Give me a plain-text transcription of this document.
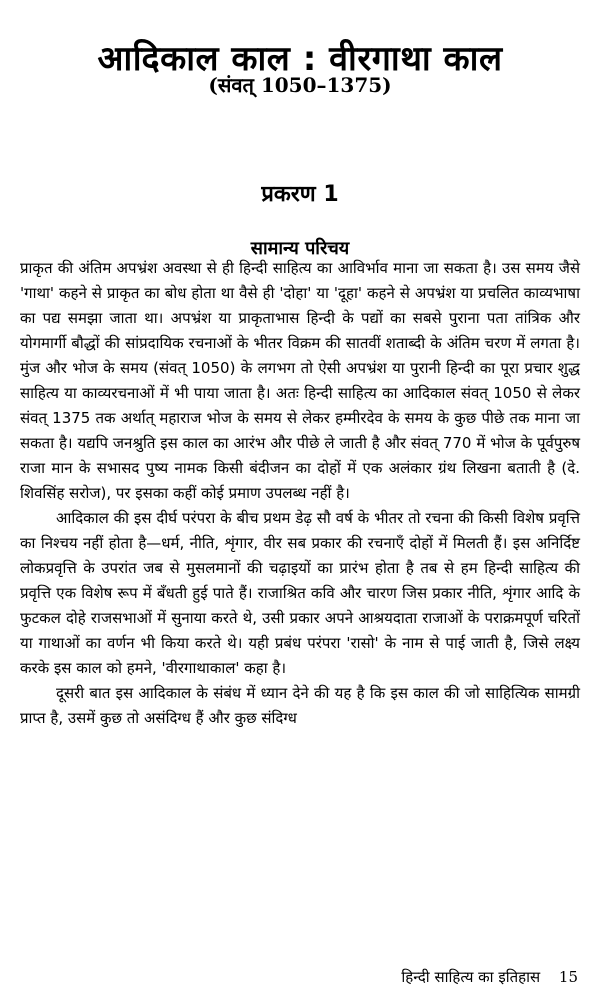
आदिकाल काल : वीरगाथा काल
(संवत् 1050–1375)
प्रकरण 1
सामान्य परिचय

प्राकृत की अंतिम अपभ्रंश अवस्था से ही हिन्दी साहित्य का आविर्भाव माना जा सकता है। उस समय जैसे 'गाथा' कहने से प्राकृत का बोध होता था वैसे ही 'दोहा' या 'दूहा' कहने से अपभ्रंश या प्रचलित काव्यभाषा का पद्य समझा जाता था। अपभ्रंश या प्राकृताभास हिन्दी के पद्यों का सबसे पुराना पता तांत्रिक और योगमार्गी बौद्धों की सांप्रदायिक रचनाओं के भीतर विक्रम की सातवीं शताब्दी के अंतिम चरण में लगता है। मुंज और भोज के समय (संवत् 1050) के लगभग तो ऐसी अपभ्रंश या पुरानी हिन्दी का पूरा प्रचार शुद्ध साहित्य या काव्यरचनाओं में भी पाया जाता है। अतः हिन्दी साहित्य का आदिकाल संवत् 1050 से लेकर संवत् 1375 तक अर्थात् महाराज भोज के समय से लेकर हम्मीरदेव के समय के कुछ पीछे तक माना जा सकता है। यद्यपि जनश्रुति इस काल का आरंभ और पीछे ले जाती है और संवत् 770 में भोज के पूर्वपुरुष राजा मान के सभासद पुष्य नामक किसी बंदीजन का दोहों में एक अलंकार ग्रंथ लिखना बताती है (दे. शिवसिंह सरोज), पर इसका कहीं कोई प्रमाण उपलब्ध नहीं है।

आदिकाल की इस दीर्घ परंपरा के बीच प्रथम डेढ़ सौ वर्ष के भीतर तो रचना की किसी विशेष प्रवृत्ति का निश्चय नहीं होता है—धर्म, नीति, शृंगार, वीर सब प्रकार की रचनाएँ दोहों में मिलती हैं। इस अनिर्दिष्ट लोकप्रवृत्ति के उपरांत जब से मुसलमानों की चढ़ाइयों का प्रारंभ होता है तब से हम हिन्दी साहित्य की प्रवृत्ति एक विशेष रूप में बँधती हुई पाते हैं। राजाश्रित कवि और चारण जिस प्रकार नीति, शृंगार आदि के फुटकल दोहे राजसभाओं में सुनाया करते थे, उसी प्रकार अपने आश्रयदाता राजाओं के पराक्रमपूर्ण चरितों या गाथाओं का वर्णन भी किया करते थे। यही प्रबंध परंपरा 'रासो' के नाम से पाई जाती है, जिसे लक्ष्य करके इस काल को हमने, 'वीरगाथाकाल' कहा है।

दूसरी बात इस आदिकाल के संबंध में ध्यान देने की यह है कि इस काल की जो साहित्यिक सामग्री प्राप्त है, उसमें कुछ तो असंदिग्ध हैं और कुछ संदिग्ध

हिन्दी साहित्य का इतिहास 15
